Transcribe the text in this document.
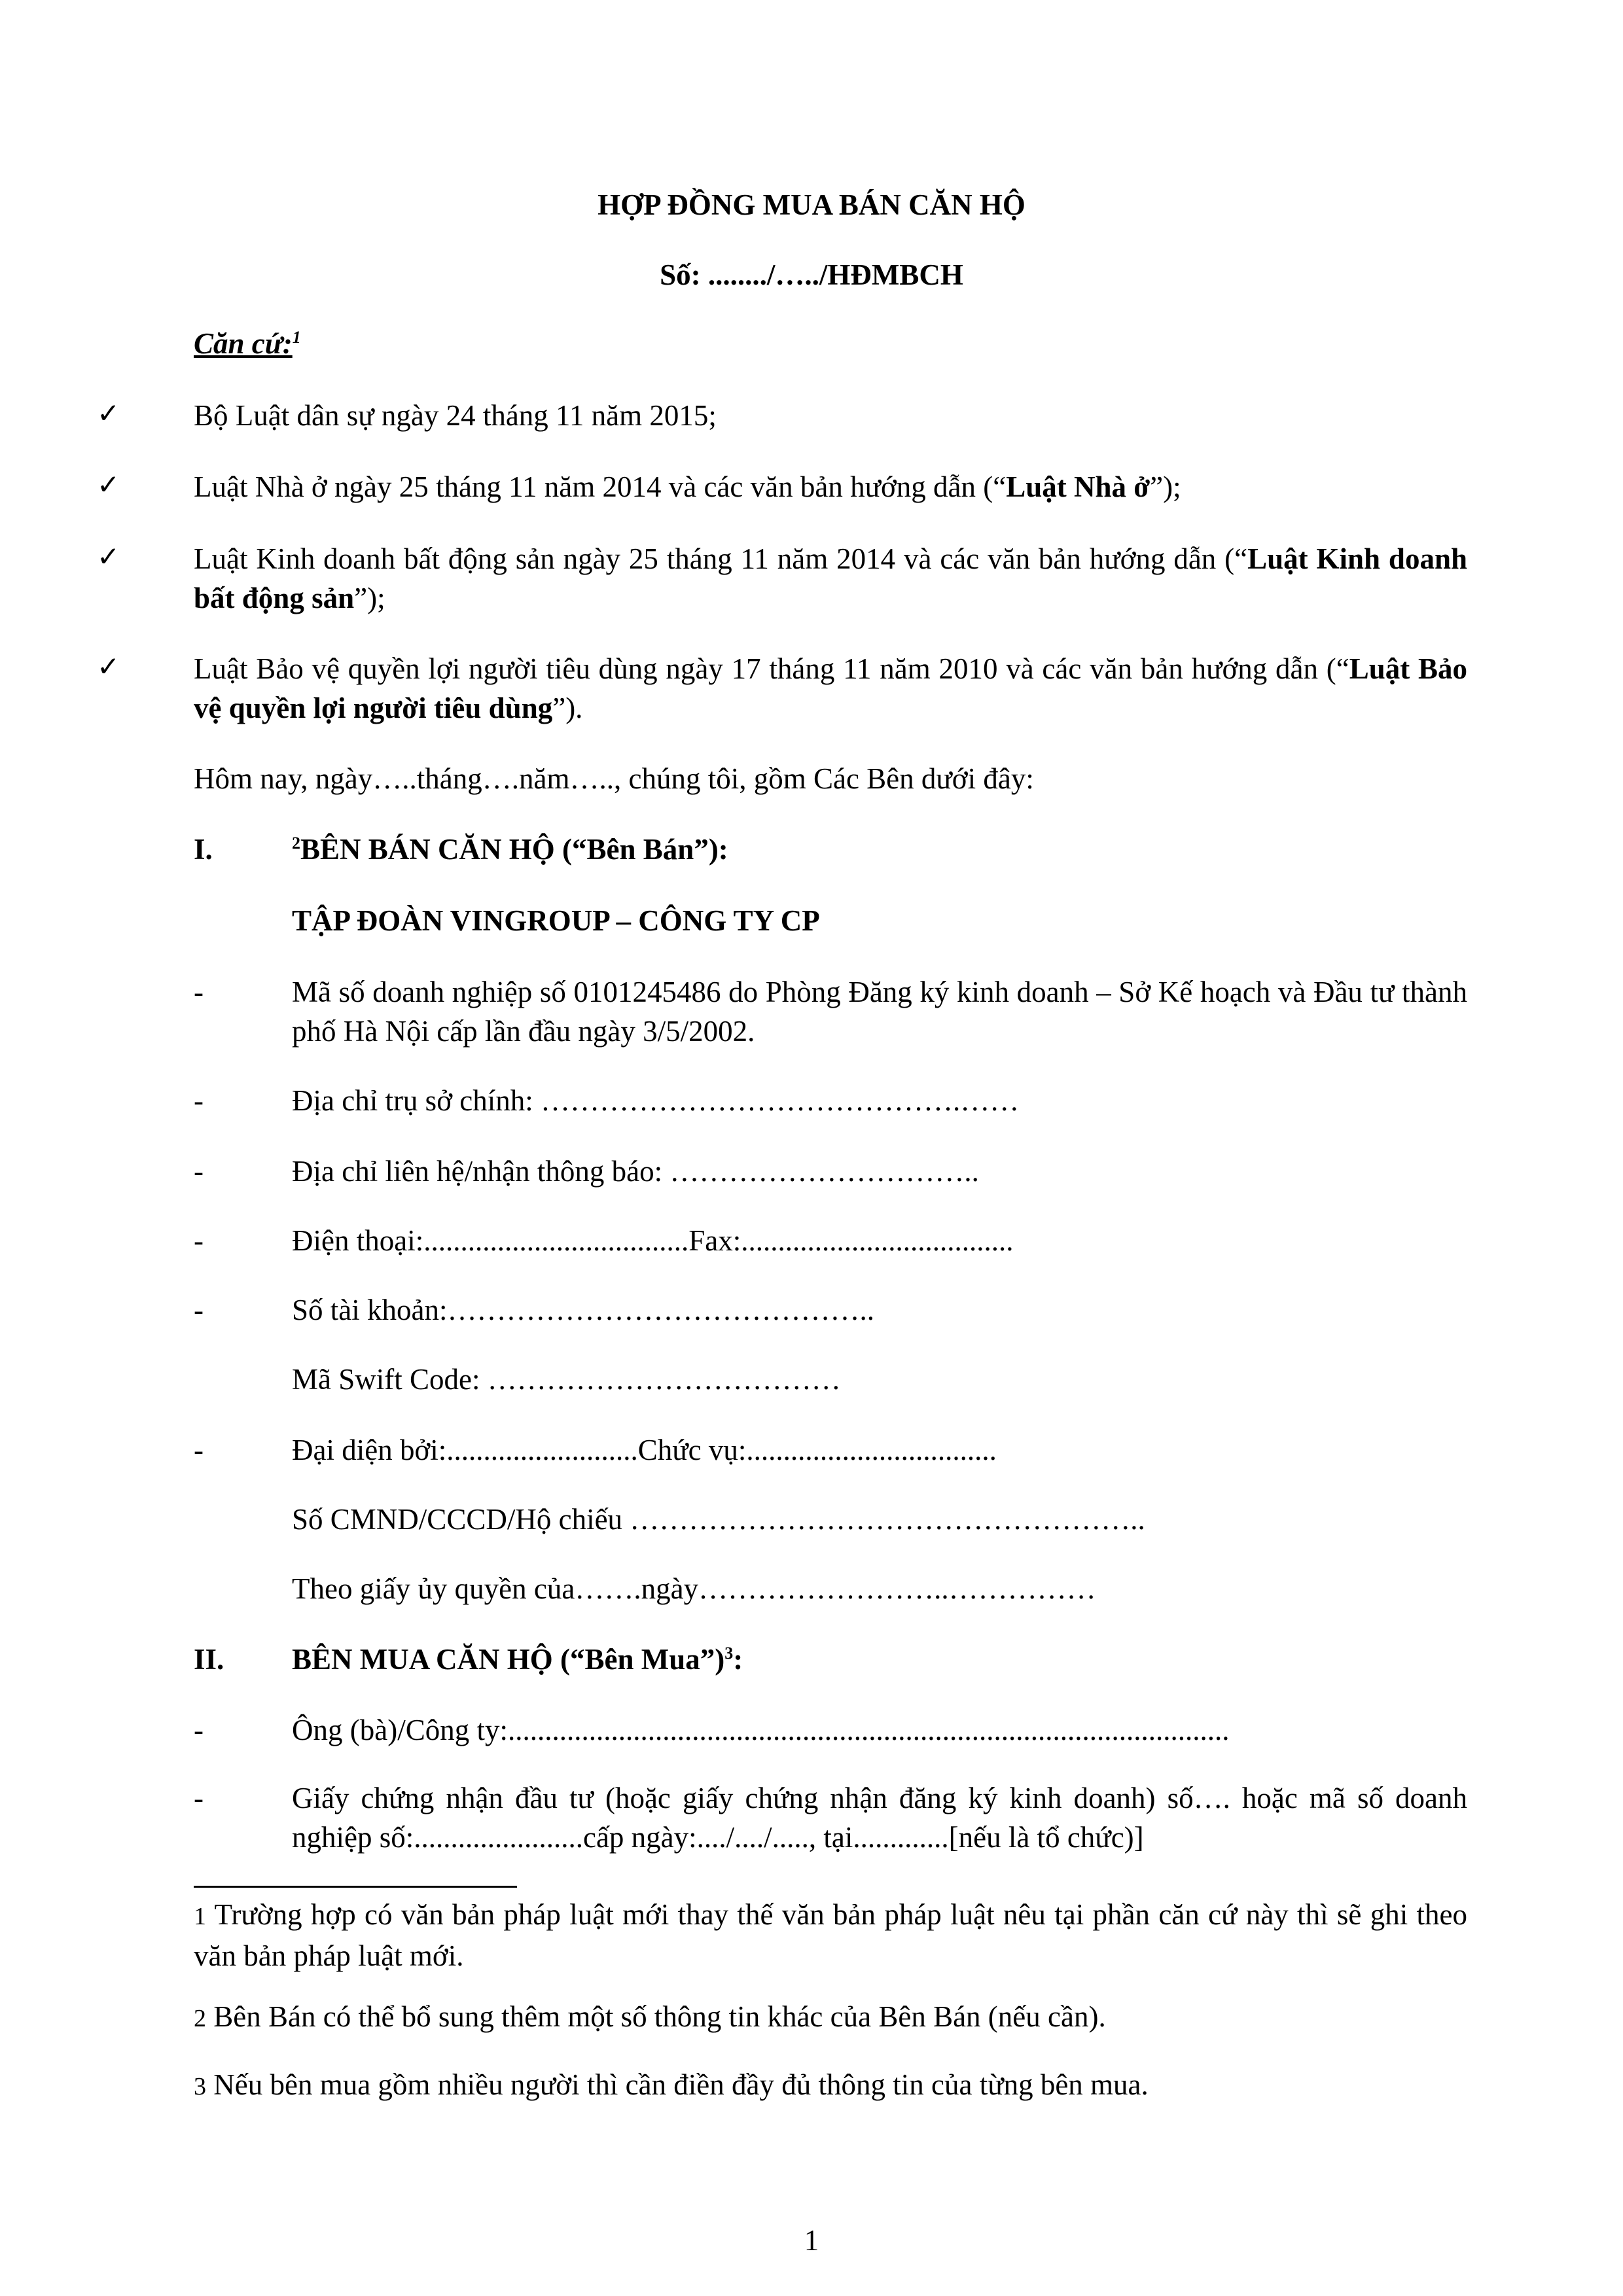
HỢP ĐỒNG MUA BÁN CĂN HỘ
Số: ......../…../HĐMBCH
Căn cứ:$^1$
✓	Bộ Luật dân sự ngày 24 tháng 11 năm 2015;
✓	Luật Nhà ở ngày 25 tháng 11 năm 2014 và các văn bản hướng dẫn (“Luật Nhà ở”);
✓	Luật Kinh doanh bất động sản ngày 25 tháng 11 năm 2014 và các văn bản hướng dẫn (“Luật Kinh doanh bất động sản”);
✓	Luật Bảo vệ quyền lợi người tiêu dùng ngày 17 tháng 11 năm 2010 và các văn bản hướng dẫn (“Luật Bảo vệ quyền lợi người tiêu dùng”).
Hôm nay, ngày…..tháng….năm….., chúng tôi, gồm Các Bên dưới đây:
I.	$^2$BÊN BÁN CĂN HỘ (“Bên Bán”):
TẬP ĐOÀN VINGROUP – CÔNG TY CP
-	Mã số doanh nghiệp số 0101245486 do Phòng Đăng ký kinh doanh – Sở Kế hoạch và Đầu tư thành phố Hà Nội cấp lần đầu ngày 3/5/2002.
-	Địa chỉ trụ sở chính: …………………………………….……
-	Địa chỉ liên hệ/nhận thông báo: …………………………..
-	Điện thoại:....................................Fax:.....................................
-	Số tài khoản:……………………………………..
Mã Swift Code: ………………………………
-	Đại diện bởi:..........................Chức vụ:..................................
Số CMND/CCCD/Hộ chiếu ……………………………………………..
Theo giấy ủy quyền của…….ngày……………………..……………
II. BÊN MUA CĂN HỘ (“Bên Mua”)$^3$:
-	Ông (bà)/Công ty:..................................................................................................
-	Giấy chứng nhận đầu tư (hoặc giấy chứng nhận đăng ký kinh doanh) số…. hoặc mã số doanh nghiệp số:.......................cấp ngày:..../..../....., tại.............[nếu là tổ chức)]
1 Trường hợp có văn bản pháp luật mới thay thế văn bản pháp luật nêu tại phần căn cứ này thì sẽ ghi theo văn bản pháp luật mới.
2 Bên Bán có thể bổ sung thêm một số thông tin khác của Bên Bán (nếu cần).
3 Nếu bên mua gồm nhiều người thì cần điền đầy đủ thông tin của từng bên mua.
1
